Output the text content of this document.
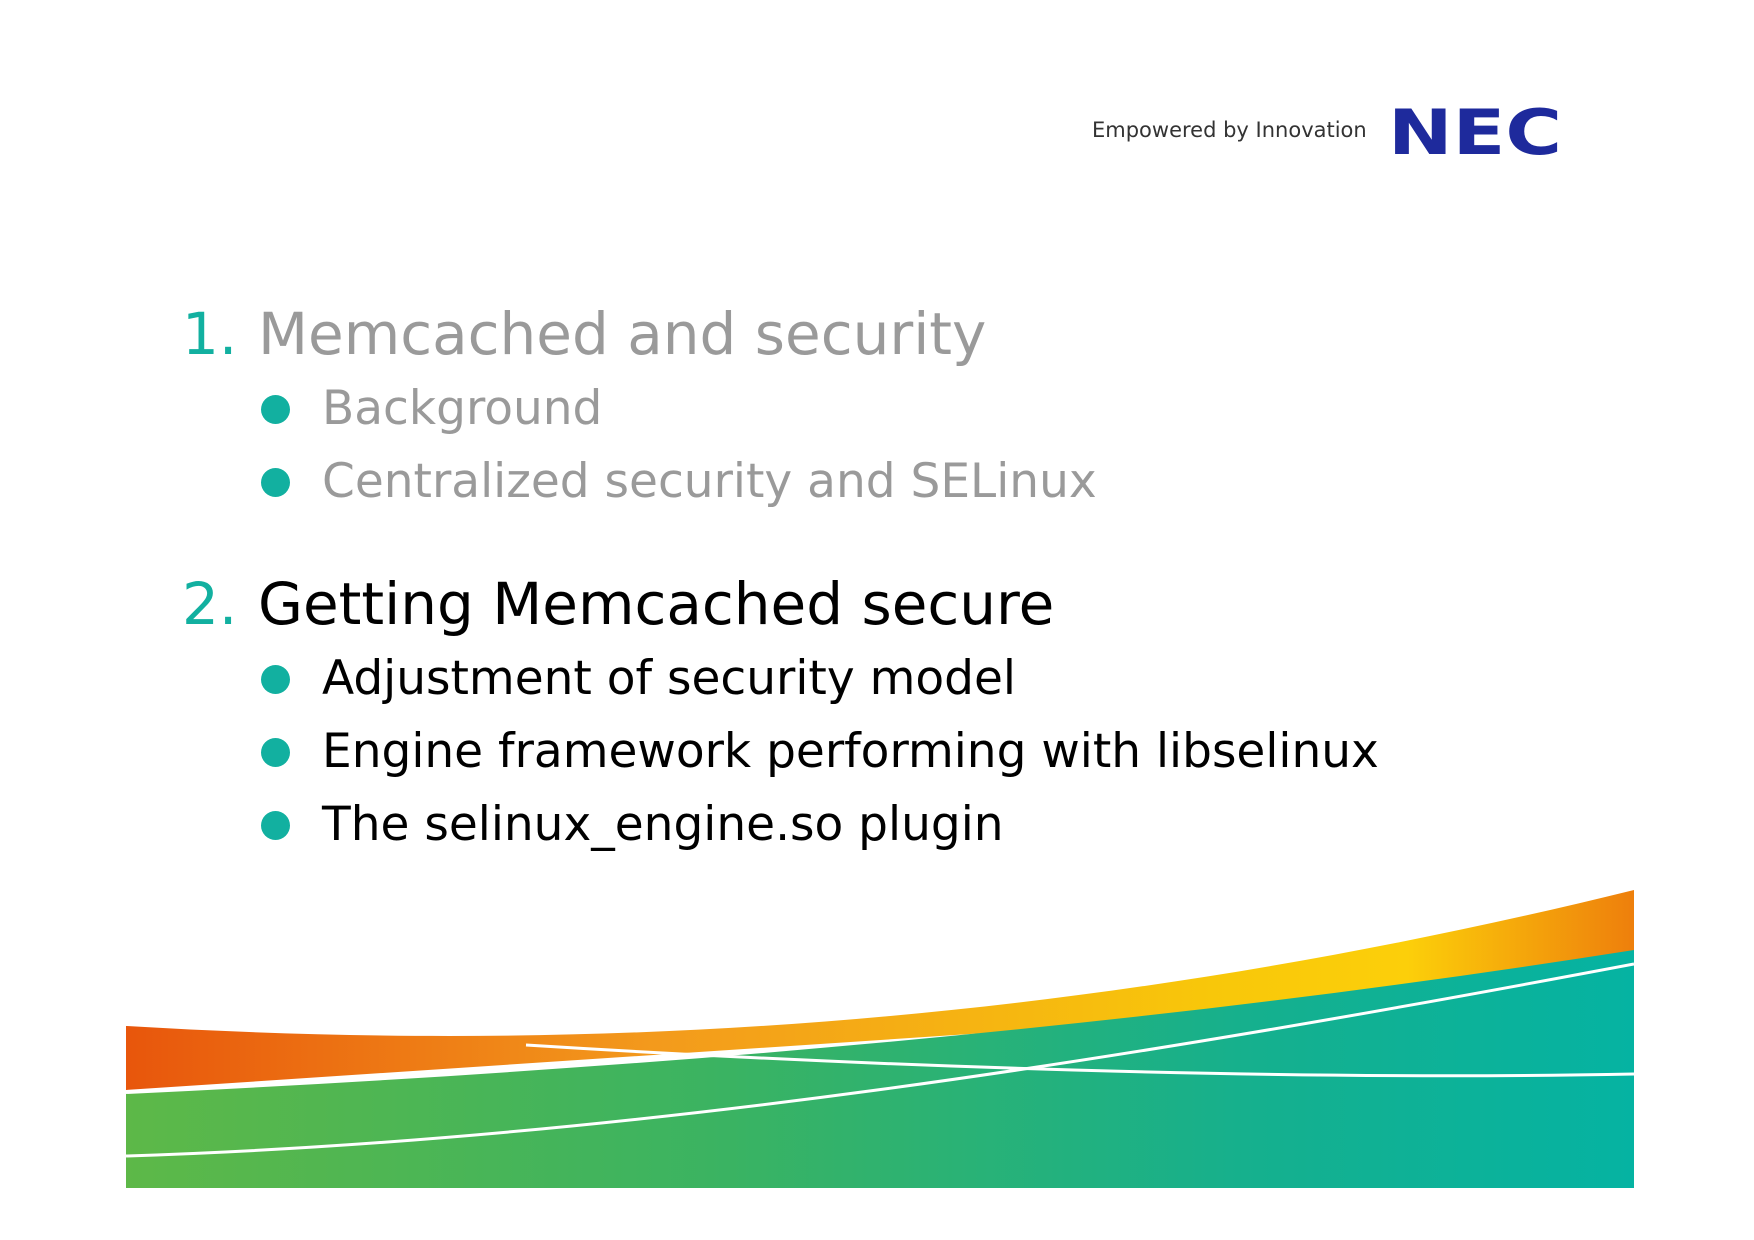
Empowered by Innovation NEC
1. Memcached and security
Background
Centralized security and SELinux
2. Getting Memcached secure
Adjustment of security model
Engine framework performing with libselinux
The selinux_engine.so plugin
